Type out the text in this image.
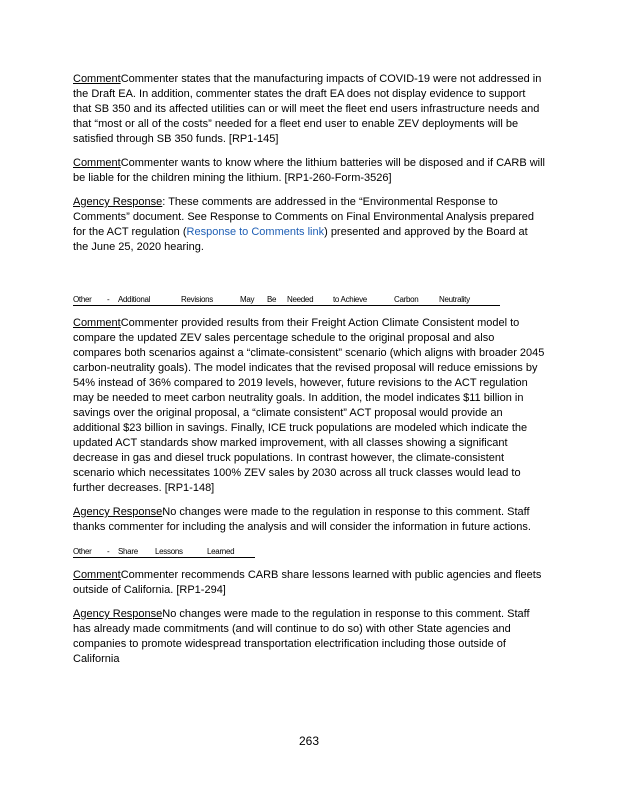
CommentCommenter states that the manufacturing impacts of COVID-19 were not addressed in the Draft EA. In addition, commenter states the draft EA does not display evidence to support that SB 350 and its affected utilities can or will meet the fleet end users infrastructure needs and that “most or all of the costs” needed for a fleet end user to enable ZEV deployments will be satisfied through SB 350 funds. [RP1-145]

CommentCommenter wants to know where the lithium batteries will be disposed and if CARB will be liable for the children mining the lithium. [RP1-260-Form-3526]

Agency Response: These comments are addressed in the “Environmental Response to Comments” document. See Response to Comments on Final Environmental Analysis prepared for the ACT regulation (Response to Comments link) presented and approved by the Board at the June 25, 2020 hearing.

Other - Additional	Revisions	May Be Needed to Achieve	Carbon	Neutrality

CommentCommenter provided results from their Freight Action Climate Consistent model to compare the updated ZEV sales percentage schedule to the original proposal and also compares both scenarios against a “climate-consistent” scenario (which aligns with broader 2045 carbon-neutrality goals). The model indicates that the revised proposal will reduce emissions by 54% instead of 36% compared to 2019 levels, however, future revisions to the ACT regulation may be needed to meet carbon neutrality goals. In addition, the model indicates $11 billion in savings over the original proposal, a “climate consistent” ACT proposal would provide an additional $23 billion in savings. Finally, ICE truck populations are modeled which indicate the updated ACT standards show marked improvement, with all classes showing a significant decrease in gas and diesel truck populations. In contrast however, the climate-consistent scenario which necessitates 100% ZEV sales by 2030 across all truck classes would lead to further decreases. [RP1-148]

Agency ResponseNo changes were made to the regulation in response to this comment. Staff thanks commenter for including the analysis and will consider the information in future actions.

Other - Share Lessons	Learned

CommentCommenter recommends CARB share lessons learned with public agencies and fleets outside of California. [RP1-294]

Agency ResponseNo changes were made to the regulation in response to this comment. Staff has already made commitments (and will continue to do so) with other State agencies and companies to promote widespread transportation electrification including those outside of California

263
